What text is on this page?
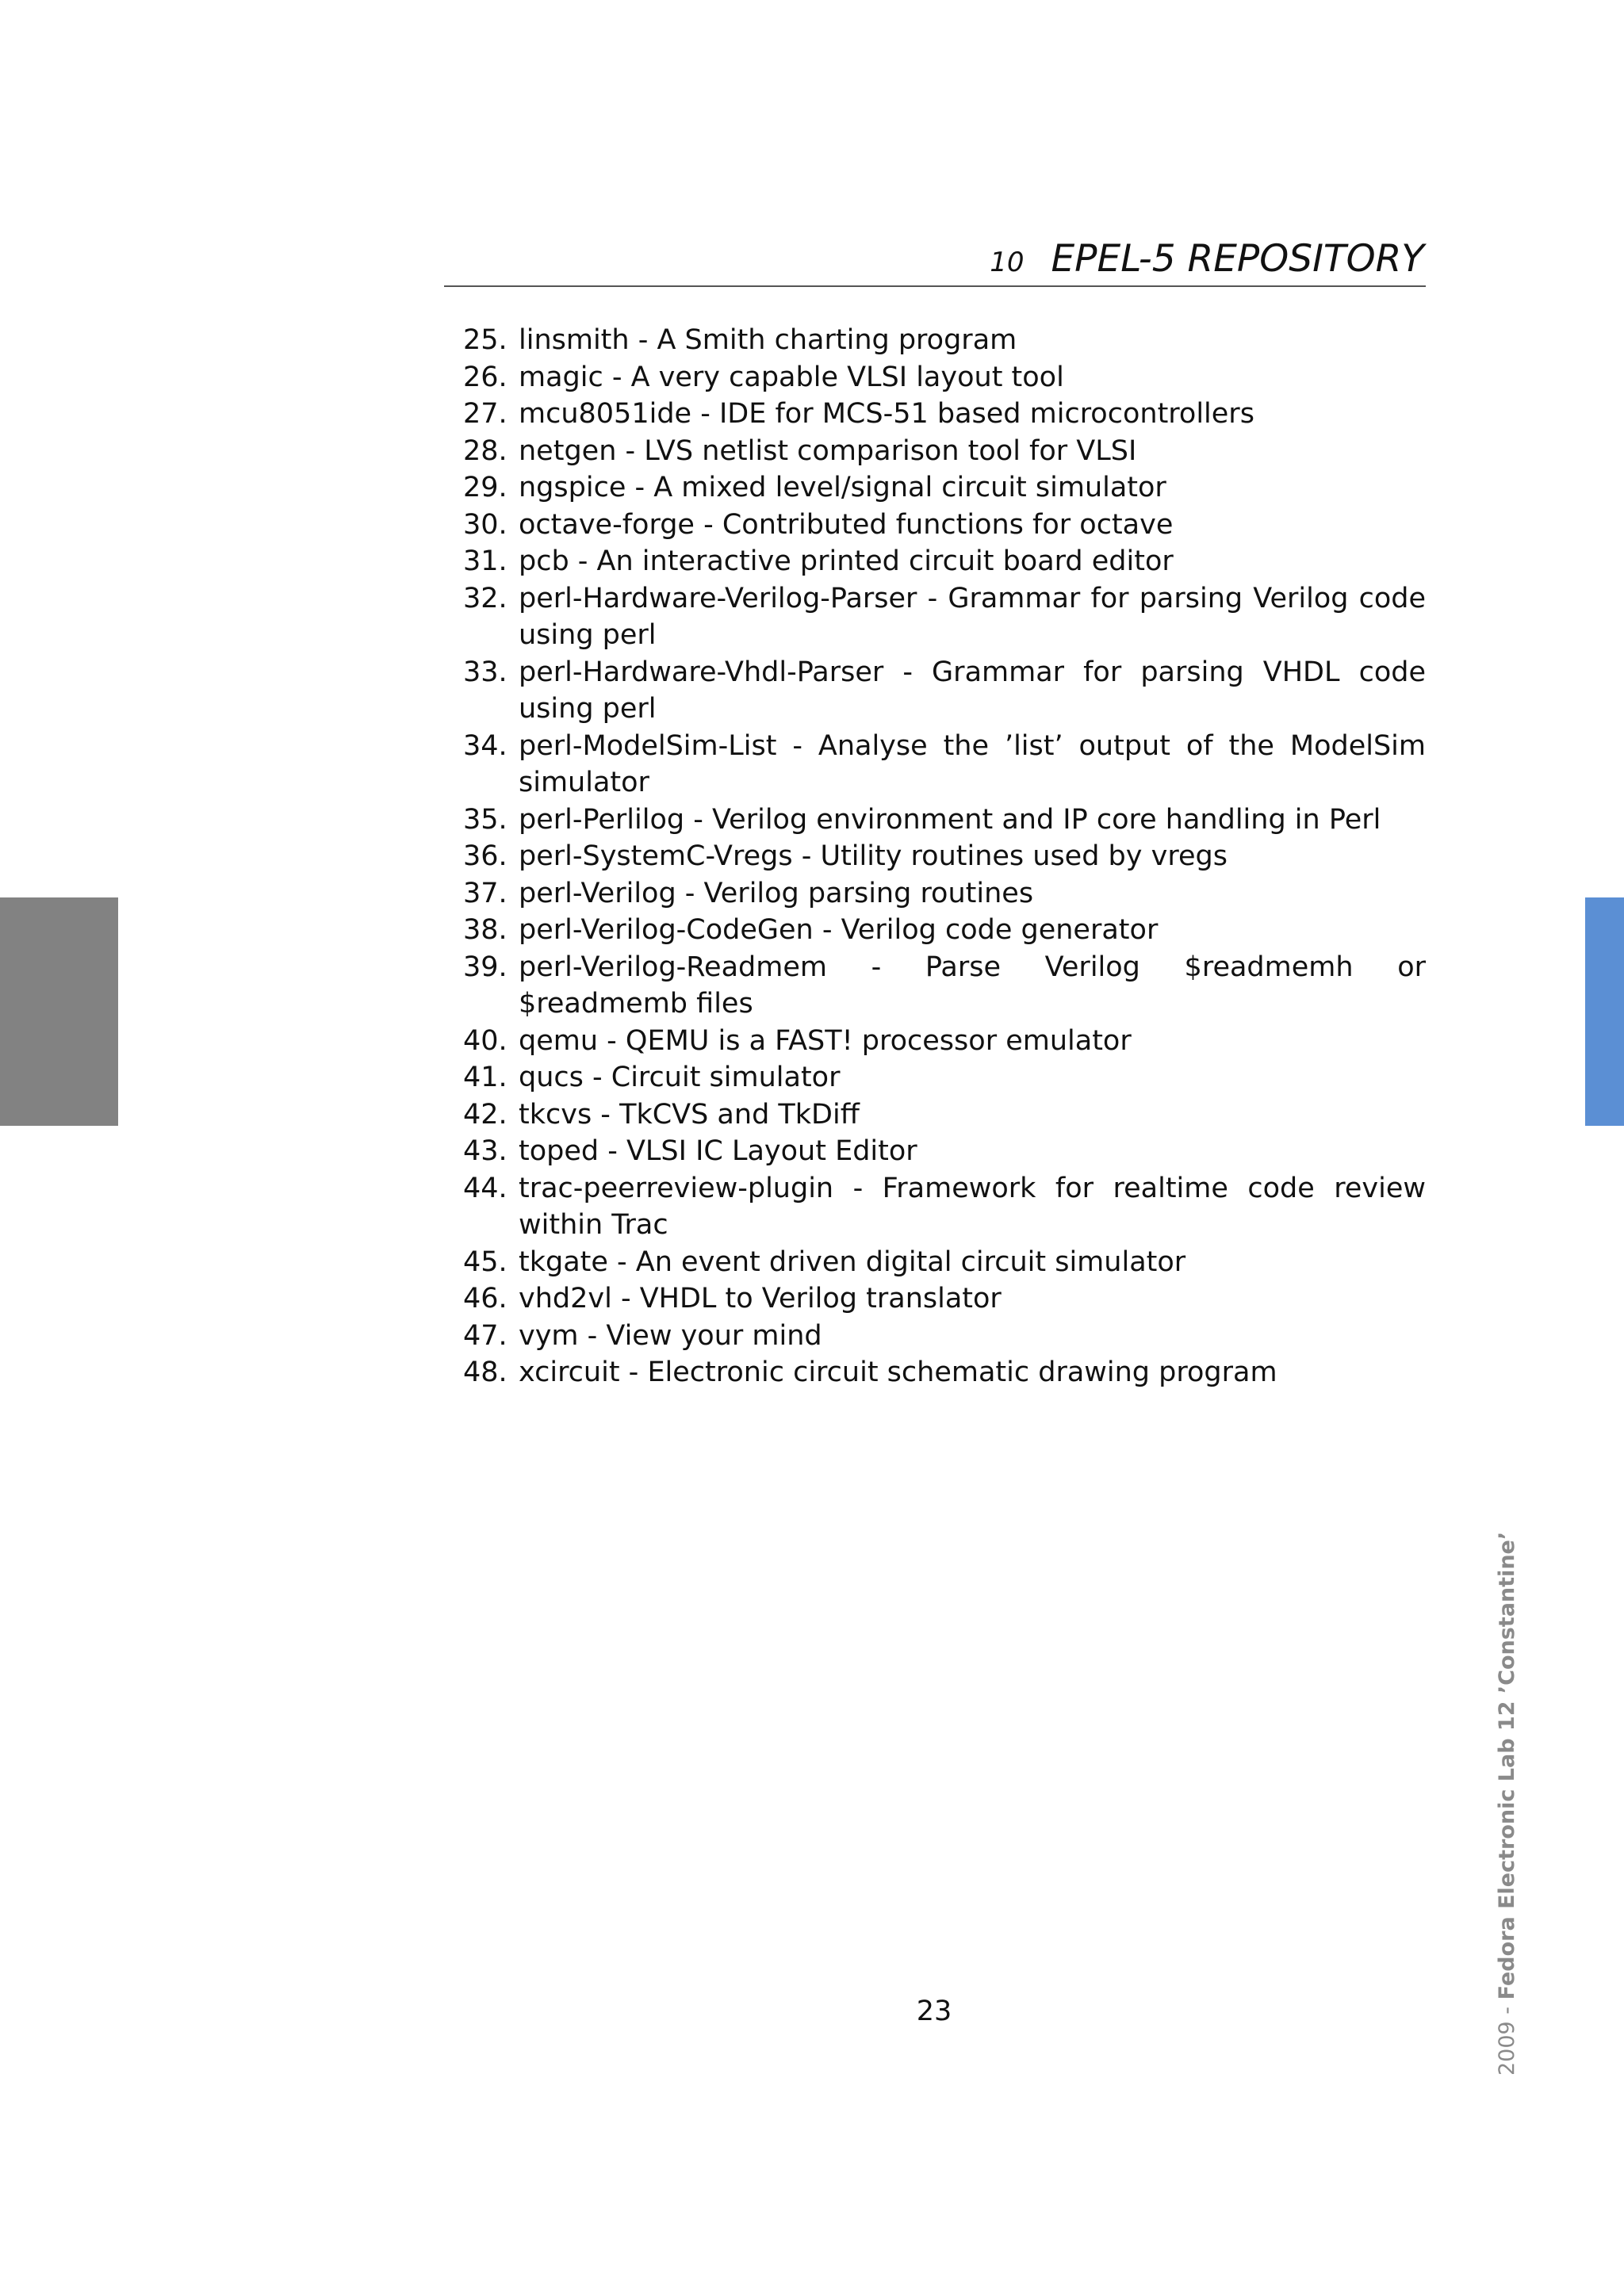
10 EPEL-5 REPOSITORY
25. linsmith - A Smith charting program
26. magic - A very capable VLSI layout tool
27. mcu8051ide - IDE for MCS-51 based microcontrollers
28. netgen - LVS netlist comparison tool for VLSI
29. ngspice - A mixed level/signal circuit simulator
30. octave-forge - Contributed functions for octave
31. pcb - An interactive printed circuit board editor
32. perl-Hardware-Verilog-Parser - Grammar for parsing Verilog code using perl
33. perl-Hardware-Vhdl-Parser - Grammar for parsing VHDL code using perl
34. perl-ModelSim-List - Analyse the ’list’ output of the ModelSim simulator
35. perl-Perlilog - Verilog environment and IP core handling in Perl
36. perl-SystemC-Vregs - Utility routines used by vregs
37. perl-Verilog - Verilog parsing routines
38. perl-Verilog-CodeGen - Verilog code generator
39. perl-Verilog-Readmem - Parse Verilog $readmemh or $readmemb files
40. qemu - QEMU is a FAST! processor emulator
41. qucs - Circuit simulator
42. tkcvs - TkCVS and TkDiff
43. toped - VLSI IC Layout Editor
44. trac-peerreview-plugin - Framework for realtime code review within Trac
45. tkgate - An event driven digital circuit simulator
46. vhd2vl - VHDL to Verilog translator
47. vym - View your mind
48. xcircuit - Electronic circuit schematic drawing program
23	2009 - Fedora Electronic Lab 12 ’Constantine’
